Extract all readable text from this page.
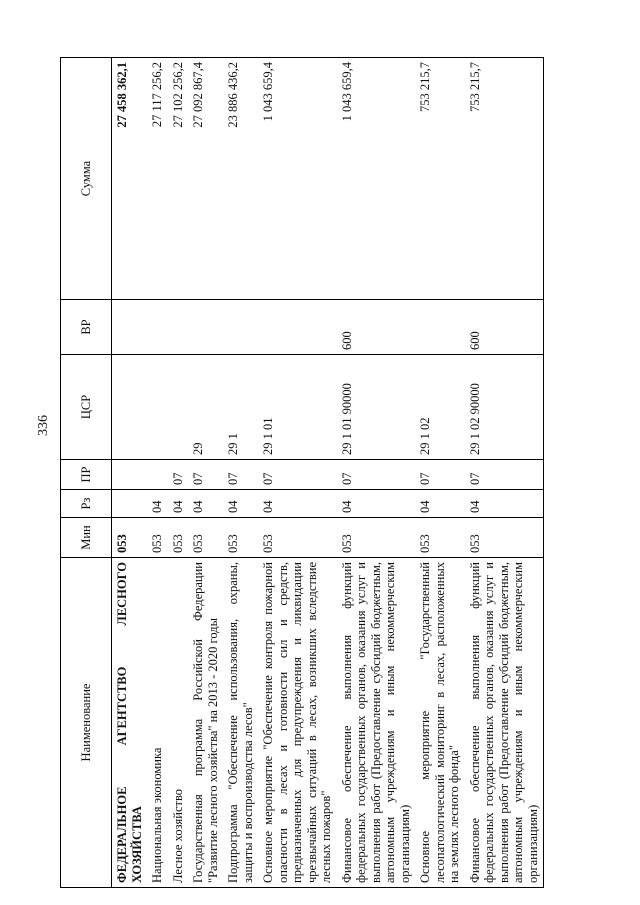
336
Наименование	Мин	Рз	ПР	ЦСР	ВР	Сумма
ФЕДЕРАЛЬНОЕ АГЕНТСТВО ЛЕСНОГО ХОЗЯЙСТВА	053					27 458 362,1
Национальная экономика	053	04				27 117 256,2
Лесное хозяйство	053	04	07			27 102 256,2
Государственная программа Российской Федерации "Развитие лесного хозяйства" на 2013 - 2020 годы	053	04	07	29		27 092 867,4
Подпрограмма "Обеспечение использования, охраны, защиты и воспроизводства лесов"	053	04	07	29 1		23 886 436,2
Основное мероприятие "Обеспечение контроля пожарной опасности в лесах и готовности сил и средств, предназначенных для предупреждения и ликвидации чрезвычайных ситуаций в лесах, возникших вследствие лесных пожаров"	053	04	07	29 1 01		1 043 659,4
Финансовое обеспечение выполнения функций федеральных государственных органов, оказания услуг и выполнения работ (Предоставление субсидий бюджетным, автономным учреждениям и иным некоммерческим организациям)	053	04	07	29 1 01 90000	600	1 043 659,4
Основное мероприятие "Государственный лесопатологический мониторинг в лесах, расположенных на землях лесного фонда"	053	04	07	29 1 02		753 215,7
Финансовое обеспечение выполнения функций федеральных государственных органов, оказания услуг и выполнения работ (Предоставление субсидий бюджетным, автономным учреждениям и иным некоммерческим организациям)	053	04	07	29 1 02 90000	600	753 215,7
